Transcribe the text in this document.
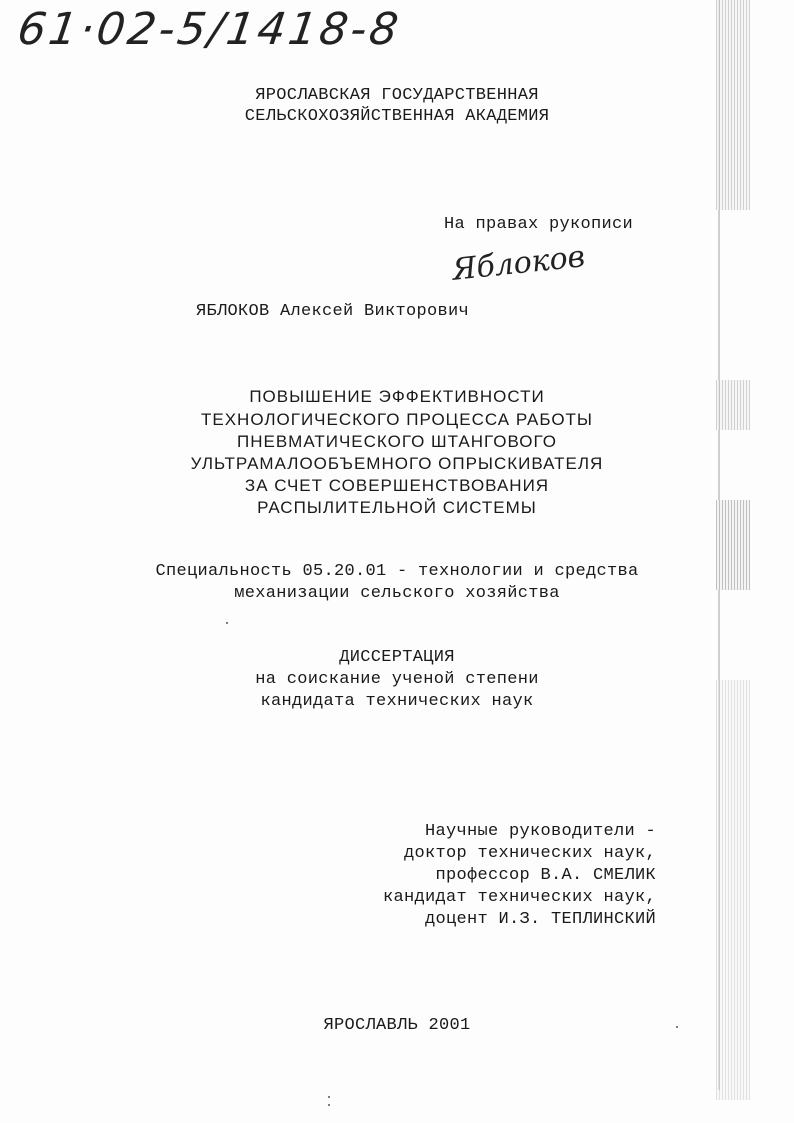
61·02-5/1418-8
ЯРОСЛАВСКАЯ ГОСУДАРСТВЕННАЯ
СЕЛЬСКОХОЗЯЙСТВЕННАЯ АКАДЕМИЯ
На правах рукописи
Яблоков
ЯБЛОКОВ Алексей Викторович
ПОВЫШЕНИЕ ЭФФЕКТИВНОСТИ
ТЕХНОЛОГИЧЕСКОГО ПРОЦЕССА РАБОТЫ
ПНЕВМАТИЧЕСКОГО ШТАНГОВОГО
УЛЬТРАМАЛООБЪЕМНОГО ОПРЫСКИВАТЕЛЯ
ЗА СЧЕТ СОВЕРШЕНСТВОВАНИЯ
РАСПЫЛИТЕЛЬНОЙ СИСТЕМЫ
Специальность 05.20.01 - технологии и средства
механизации сельского хозяйства
ДИССЕРТАЦИЯ
на соискание ученой степени
кандидата технических наук
Научные руководители -
доктор технических наук,
профессор В.А. СМЕЛИК
кандидат технических наук,
доцент И.З. ТЕПЛИНСКИЙ
ЯРОСЛАВЛЬ 2001
